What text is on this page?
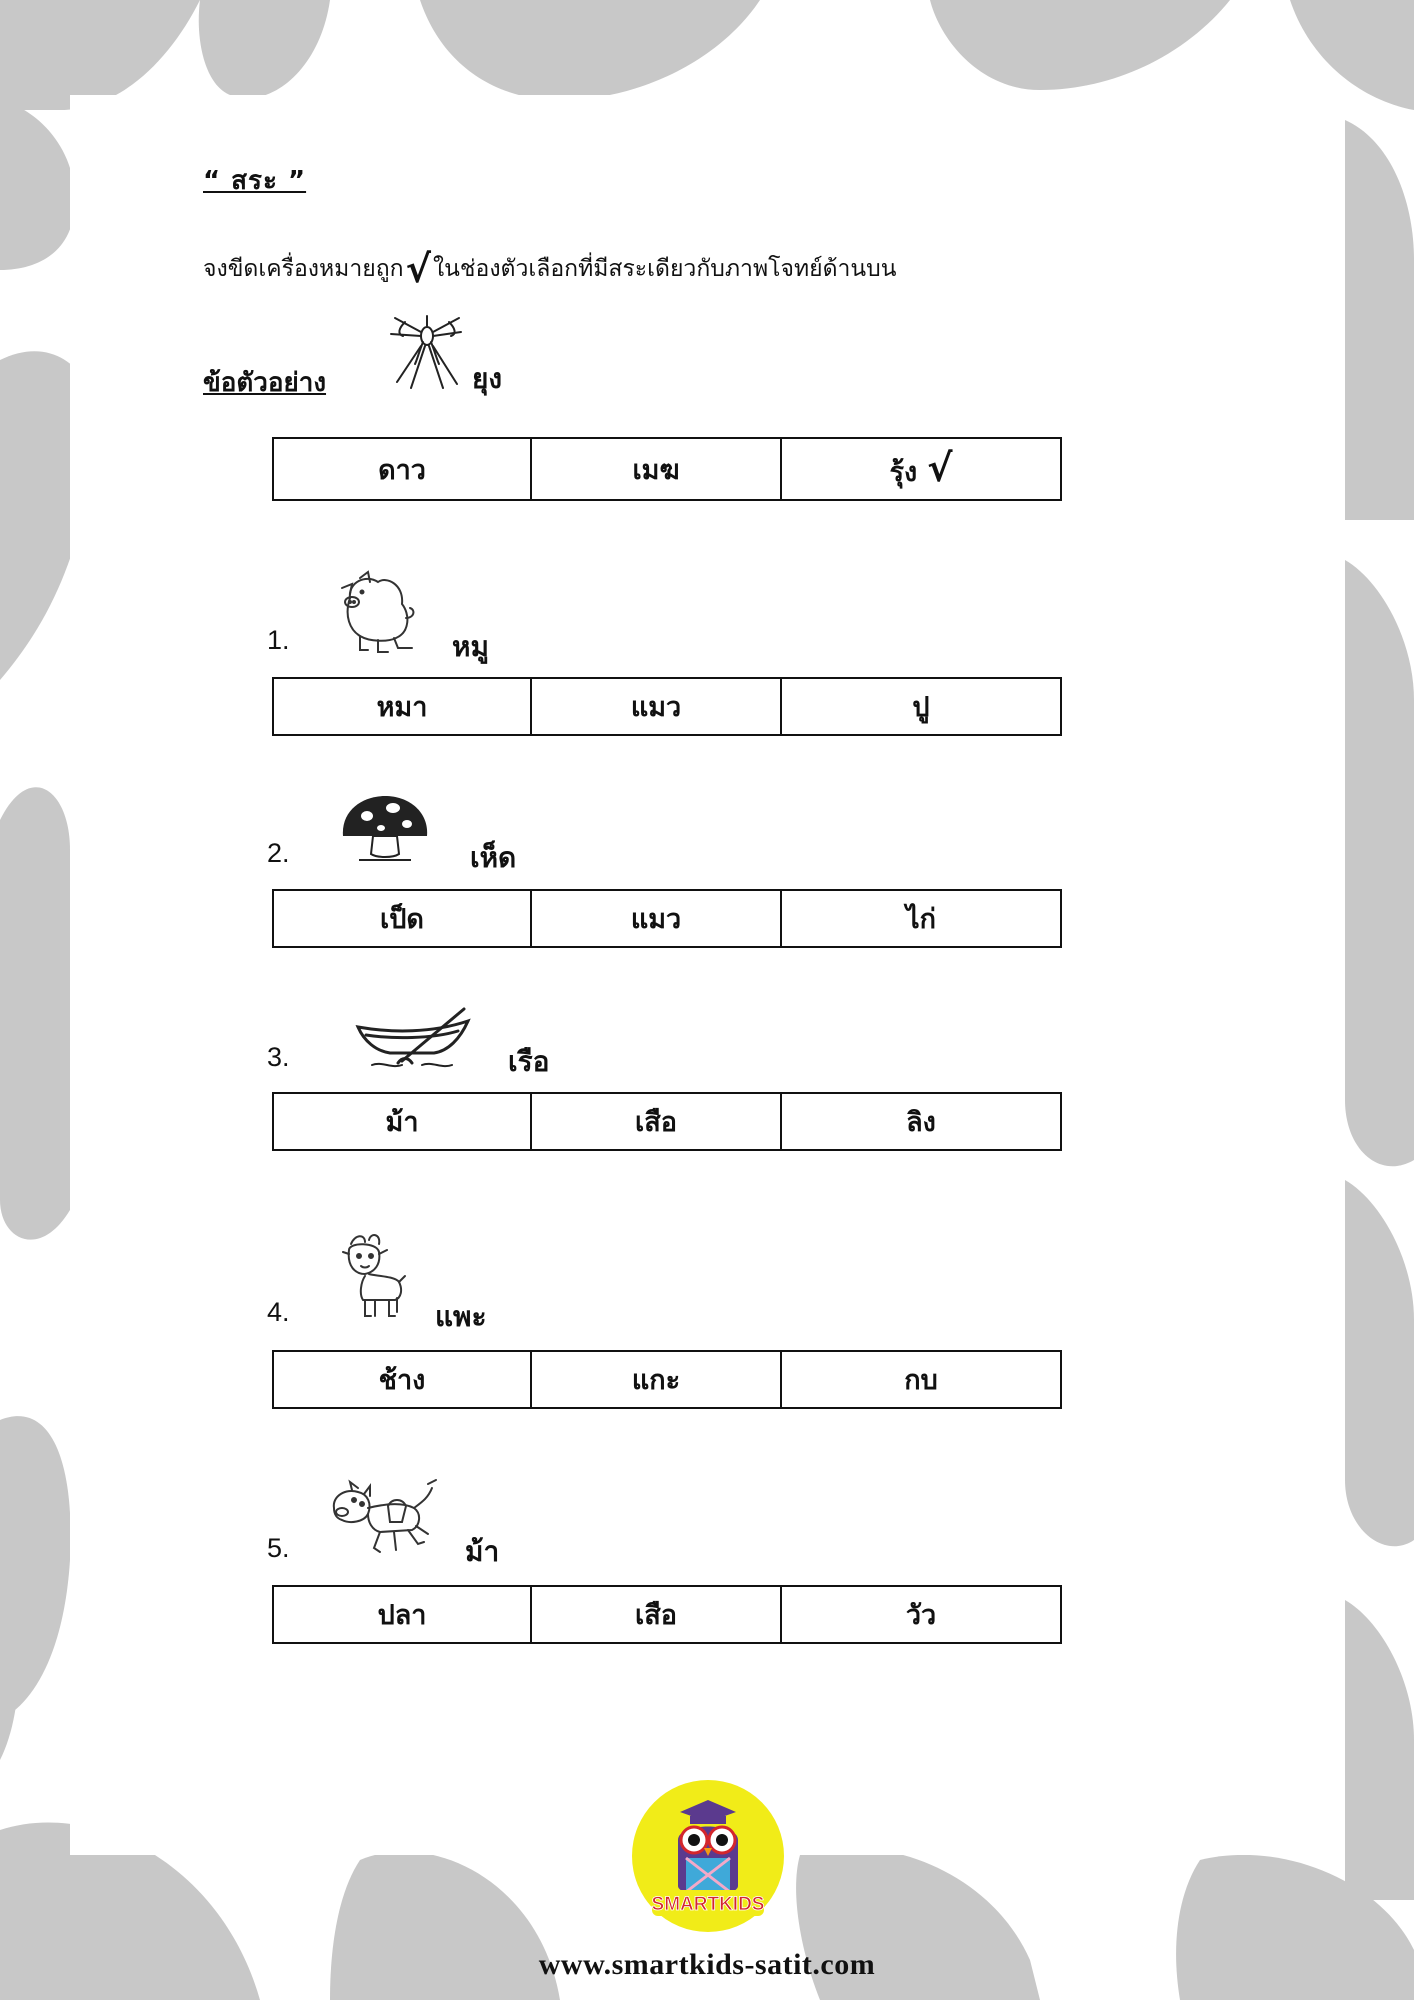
“ สระ ”
จงขีดเครื่องหมายถูก √ ในช่องตัวเลือกที่มีสระเดียวกับภาพโจทย์ด้านบน
ข้อตัวอย่าง	ยุง
ดาว	เมฆ	รุ้ง √
1.	หมู
หมา	แมว	ปู
2.	เห็ด
เป็ด	แมว	ไก่
3.	เรือ
ม้า	เสือ	ลิง
4.	แพะ
ช้าง	แกะ	กบ
5.	ม้า
ปลา	เสือ	วัว
SMARTKIDS
www.smartkids-satit.com
